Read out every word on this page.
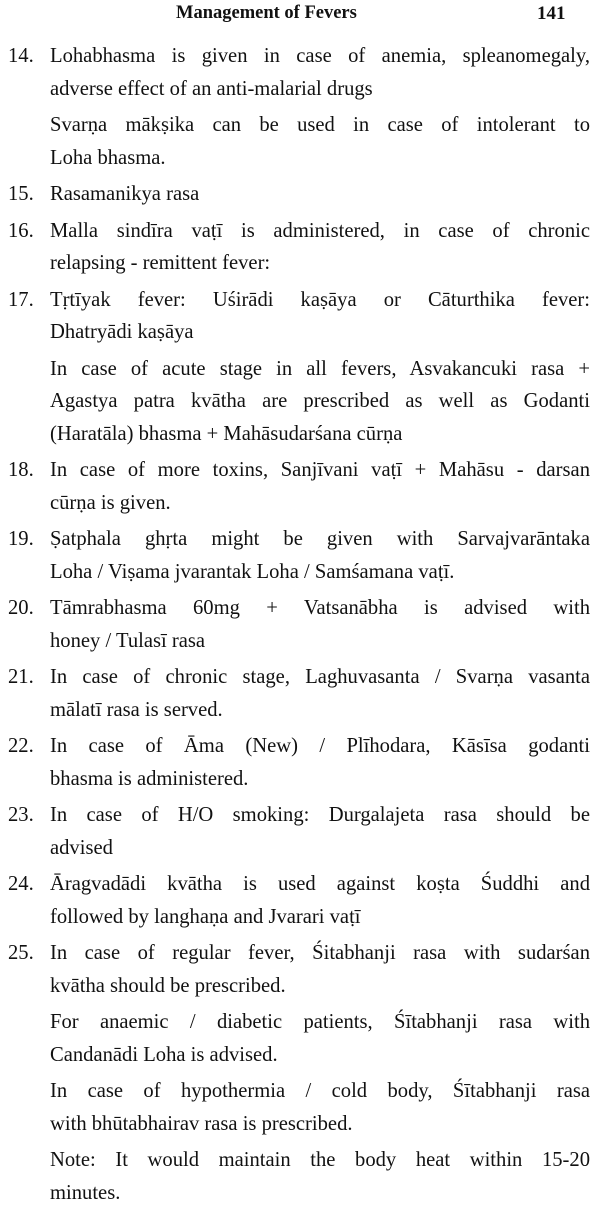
Management of Fevers	141
14. Lohabhasma is given in case of anemia, spleanomegaly,
adverse effect of an anti-malarial drugs
Svarṇa mākṣika can be used in case of intolerant to
Loha bhasma.
15. Rasamanikya rasa
16. Malla sindīra vaṭī is administered, in case of chronic
relapsing - remittent fever:
17. Tṛtīyak fever: Uśirādi kaṣāya or Cāturthika fever:
Dhatryādi kaṣāya
In case of acute stage in all fevers, Asvakancuki rasa +
Agastya patra kvātha are prescribed as well as Godanti
(Haratāla) bhasma + Mahāsudarśana cūrṇa
18. In case of more toxins, Sanjīvani vaṭī + Mahāsu - darsan
cūrṇa is given.
19. Ṣatphala ghṛta might be given with Sarvajvarāntaka
Loha / Viṣama jvarantak Loha / Samśamana vaṭī.
20. Tāmrabhasma 60mg + Vatsanābha is advised with
honey / Tulasī rasa
21. In case of chronic stage, Laghuvasanta / Svarṇa vasanta
mālatī rasa is served.
22. In case of Āma (New) / Plīhodara, Kāsīsa godanti
bhasma is administered.
23. In case of H/O smoking: Durgalajeta rasa should be
advised
24. Āragvadādi kvātha is used against koṣta Śuddhi and
followed by langhaṇa and Jvarari vaṭī
25. In case of regular fever, Śitabhanji rasa with sudarśan
kvātha should be prescribed.
For anaemic / diabetic patients, Śītabhanji rasa with
Candanādi Loha is advised.
In case of hypothermia / cold body, Śītabhanji rasa
with bhūtabhairav rasa is prescribed.
Note: It would maintain the body heat within 15-20
minutes.
